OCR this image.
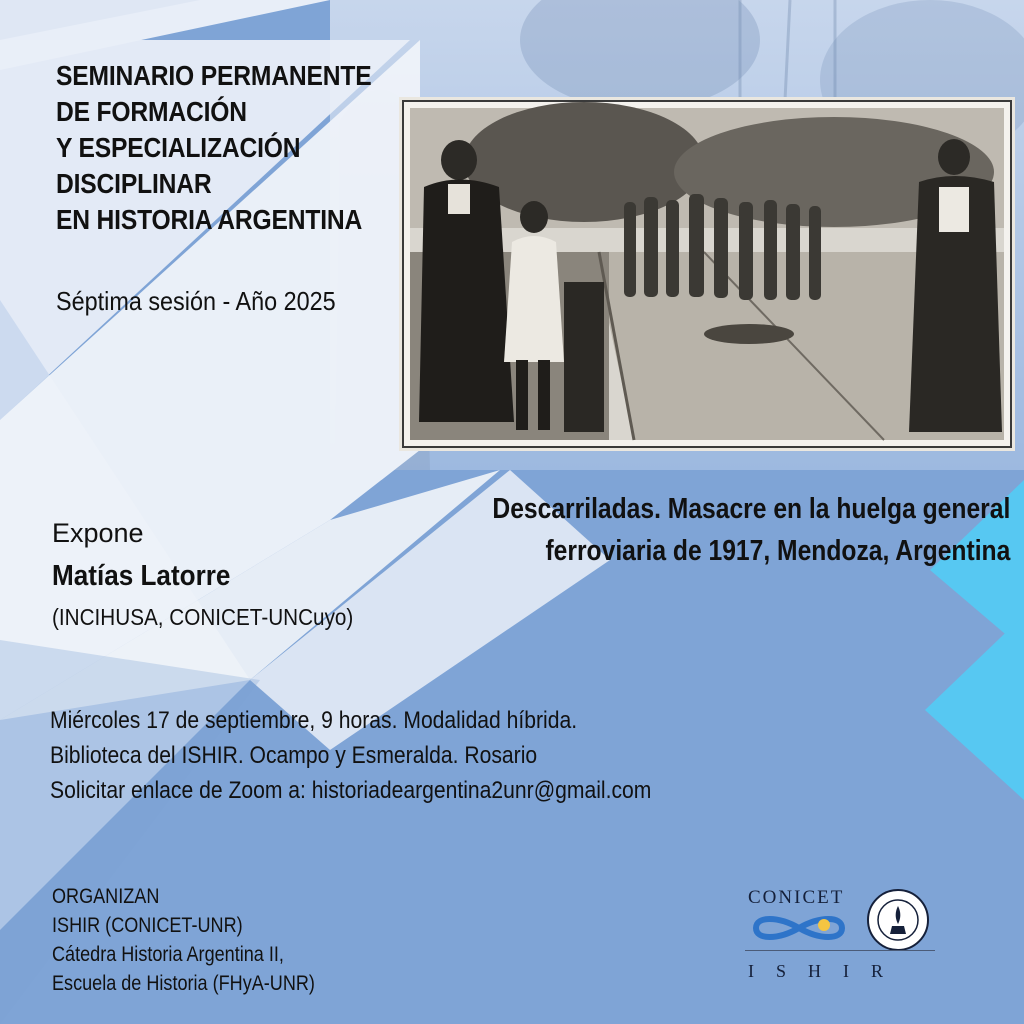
SEMINARIO PERMANENTE
DE FORMACIÓN
Y ESPECIALIZACIÓN
DISCIPLINAR
EN HISTORIA ARGENTINA
Séptima sesión - Año 2025
Descarriladas. Masacre en la huelga general
ferroviaria de 1917, Mendoza, Argentina
Expone
Matías Latorre
(INCIHUSA, CONICET-UNCuyo)
Miércoles 17 de septiembre, 9 horas. Modalidad híbrida.
Biblioteca del ISHIR. Ocampo y Esmeralda. Rosario
Solicitar enlace de Zoom a: historiadeargentina2unr@gmail.com
ORGANIZAN
ISHIR (CONICET-UNR)
Cátedra Historia Argentina II,
Escuela de Historia (FHyA-UNR)
CONICET
ISHIR
